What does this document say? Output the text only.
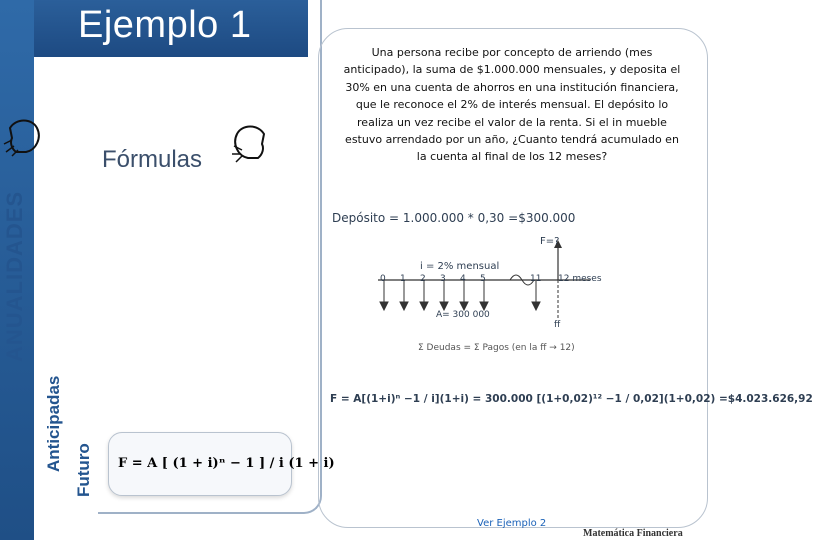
Ejemplo 1
ANUALIDADES
Anticipadas Futuro
Fórmulas
F = A [ (1 + i)ⁿ − 1 ] / i (1 + i)
Una persona recibe por concepto de arriendo (mes anticipado), la suma de $1.000.000 mensuales, y deposita el 30% en una cuenta de ahorros en una institución financiera, que le reconoce el 2% de interés mensual. El depósito lo realiza un vez recibe el valor de la renta. Si el in mueble estuvo arrendado por un año, ¿Cuanto tendrá acumulado en la cuenta al final de los 12 meses?
Depósito = 1.000.000 * 0,30 =$300.000
F=?
i = 2% mensual
0 1 2 3 4 5	11 12 meses
A= 300 000
ff
Σ Deudas = Σ Pagos (en la ff → 12)
F = A[(1+i)ⁿ −1 / i](1+i) = 300.000 [(1+0,02)¹² −1 / 0,02](1+0,02) =$4.023.626,92
Ver Ejemplo 2
Matemática Financiera
